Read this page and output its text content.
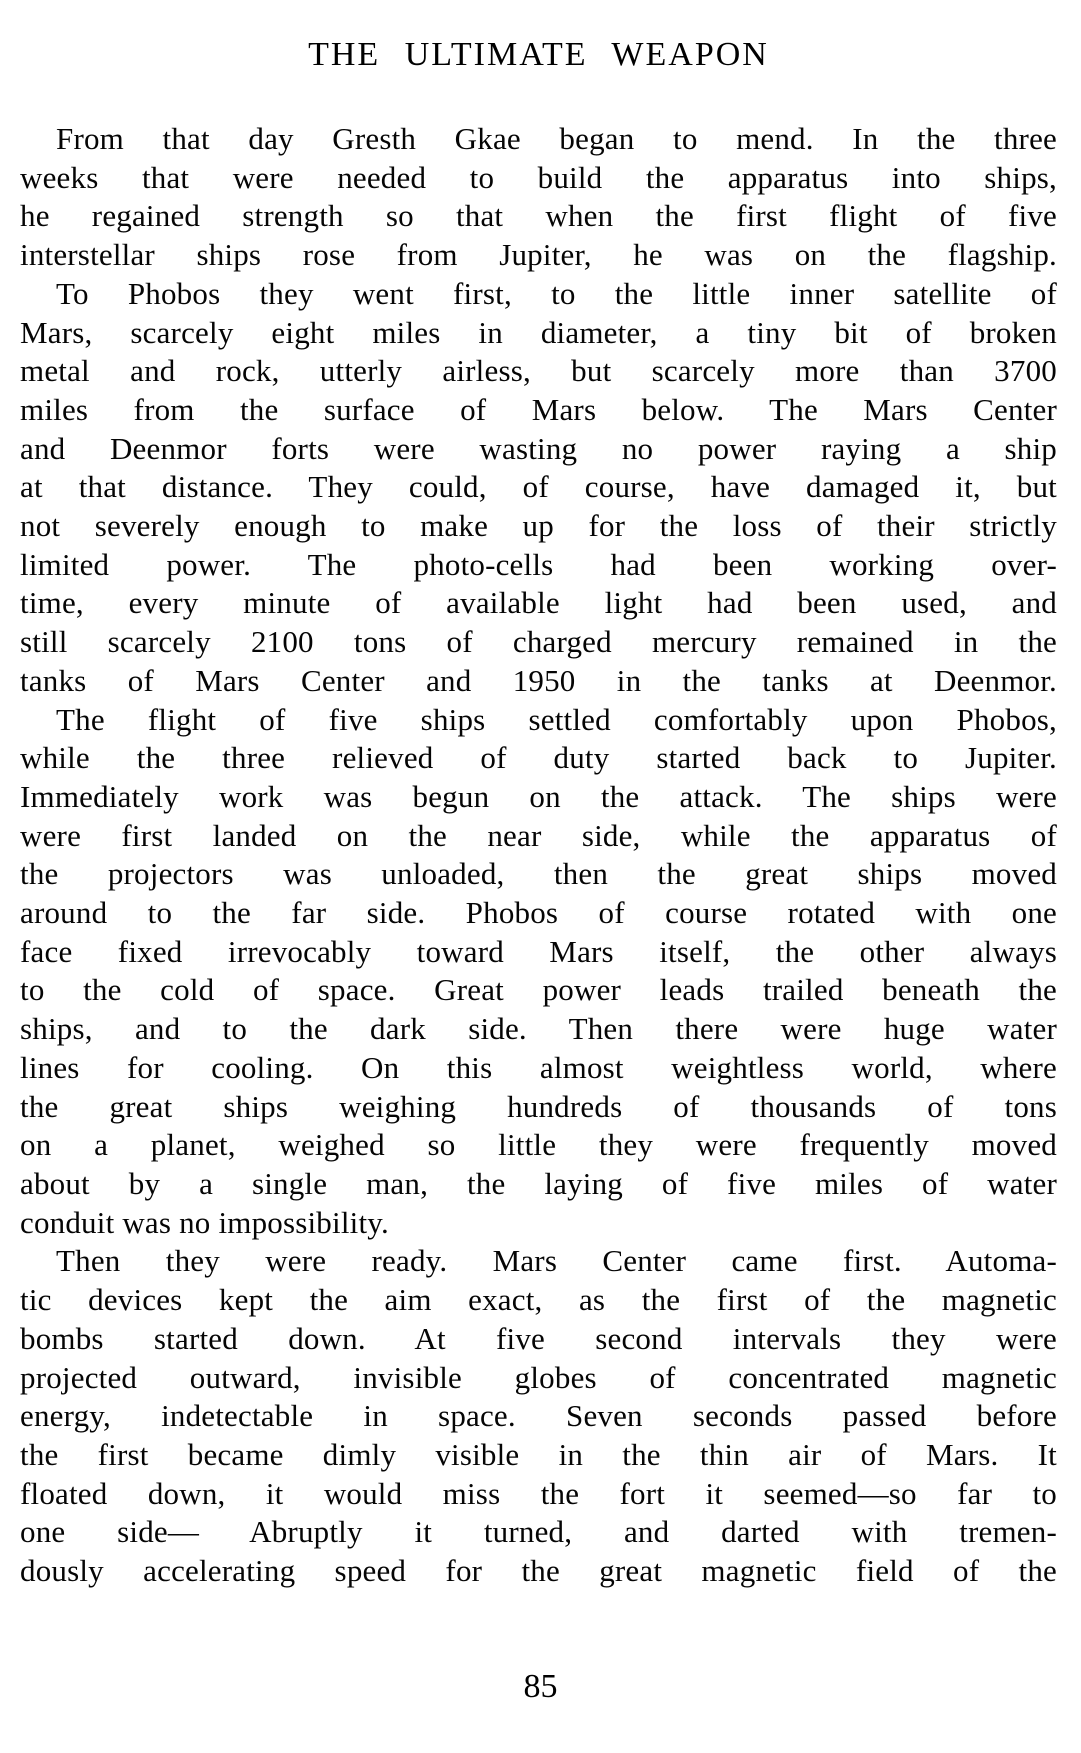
THE ULTIMATE WEAPON
From that day Gresth Gkae began to mend. In the three
weeks that were needed to build the apparatus into ships,
he regained strength so that when the first flight of five
interstellar ships rose from Jupiter, he was on the flagship.
To Phobos they went first, to the little inner satellite of
Mars, scarcely eight miles in diameter, a tiny bit of broken
metal and rock, utterly airless, but scarcely more than 3700
miles from the surface of Mars below. The Mars Center
and Deenmor forts were wasting no power raying a ship
at that distance. They could, of course, have damaged it, but
not severely enough to make up for the loss of their strictly
limited power. The photo-cells had been working over-
time, every minute of available light had been used, and
still scarcely 2100 tons of charged mercury remained in the
tanks of Mars Center and 1950 in the tanks at Deenmor.
The flight of five ships settled comfortably upon Phobos,
while the three relieved of duty started back to Jupiter.
Immediately work was begun on the attack. The ships were
were first landed on the near side, while the apparatus of
the projectors was unloaded, then the great ships moved
around to the far side. Phobos of course rotated with one
face fixed irrevocably toward Mars itself, the other always
to the cold of space. Great power leads trailed beneath the
ships, and to the dark side. Then there were huge water
lines for cooling. On this almost weightless world, where
the great ships weighing hundreds of thousands of tons
on a planet, weighed so little they were frequently moved
about by a single man, the laying of five miles of water
conduit was no impossibility.
Then they were ready. Mars Center came first. Automa-
tic devices kept the aim exact, as the first of the magnetic
bombs started down. At five second intervals they were
projected outward, invisible globes of concentrated magnetic
energy, indetectable in space. Seven seconds passed before
the first became dimly visible in the thin air of Mars. It
floated down, it would miss the fort it seemed—so far to
one side— Abruptly it turned, and darted with tremen-
dously accelerating speed for the great magnetic field of the
85
